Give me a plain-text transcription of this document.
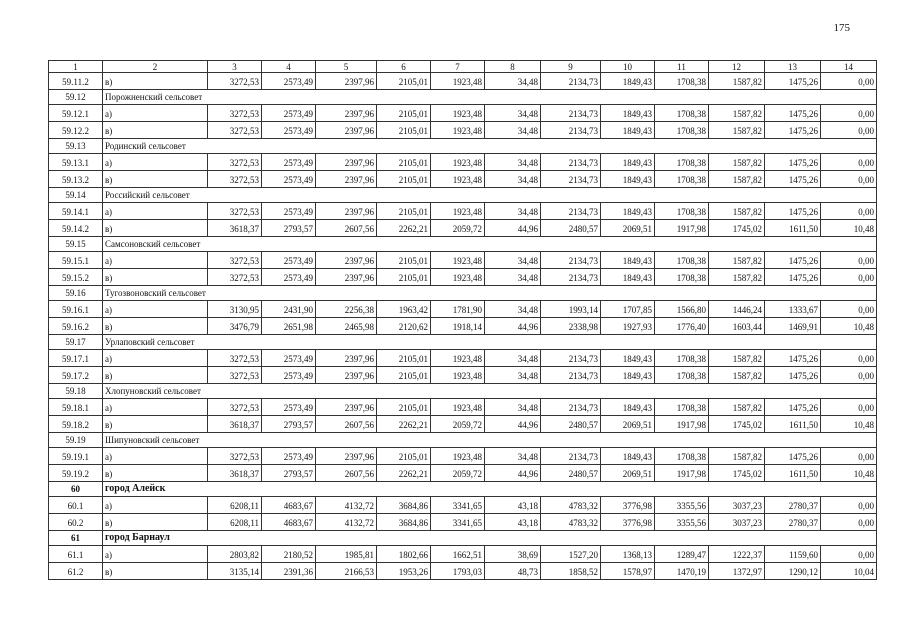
175
1	2	3	4	5	6	7	8	9	10	11	12	13	14
59.11.2	в)	3272,53	2573,49	2397,96	2105,01	1923,48	34,48	2134,73	1849,43	1708,38	1587,82	1475,26	0,00
59.12	Порожненский сельсовет												
59.12.1	а)	3272,53	2573,49	2397,96	2105,01	1923,48	34,48	2134,73	1849,43	1708,38	1587,82	1475,26	0,00
59.12.2	в)	3272,53	2573,49	2397,96	2105,01	1923,48	34,48	2134,73	1849,43	1708,38	1587,82	1475,26	0,00
59.13	Родинский сельсовет												
59.13.1	а)	3272,53	2573,49	2397,96	2105,01	1923,48	34,48	2134,73	1849,43	1708,38	1587,82	1475,26	0,00
59.13.2	в)	3272,53	2573,49	2397,96	2105,01	1923,48	34,48	2134,73	1849,43	1708,38	1587,82	1475,26	0,00
59.14	Российский сельсовет												
59.14.1	а)	3272,53	2573,49	2397,96	2105,01	1923,48	34,48	2134,73	1849,43	1708,38	1587,82	1475,26	0,00
59.14.2	в)	3618,37	2793,57	2607,56	2262,21	2059,72	44,96	2480,57	2069,51	1917,98	1745,02	1611,50	10,48
59.15	Самсоновский сельсовет												
59.15.1	а)	3272,53	2573,49	2397,96	2105,01	1923,48	34,48	2134,73	1849,43	1708,38	1587,82	1475,26	0,00
59.15.2	в)	3272,53	2573,49	2397,96	2105,01	1923,48	34,48	2134,73	1849,43	1708,38	1587,82	1475,26	0,00
59.16	Тугозвоновский сельсовет												
59.16.1	а)	3130,95	2431,90	2256,38	1963,42	1781,90	34,48	1993,14	1707,85	1566,80	1446,24	1333,67	0,00
59.16.2	в)	3476,79	2651,98	2465,98	2120,62	1918,14	44,96	2338,98	1927,93	1776,40	1603,44	1469,91	10,48
59.17	Урлаповский сельсовет												
59.17.1	а)	3272,53	2573,49	2397,96	2105,01	1923,48	34,48	2134,73	1849,43	1708,38	1587,82	1475,26	0,00
59.17.2	в)	3272,53	2573,49	2397,96	2105,01	1923,48	34,48	2134,73	1849,43	1708,38	1587,82	1475,26	0,00
59.18	Хлопуновский сельсовет												
59.18.1	а)	3272,53	2573,49	2397,96	2105,01	1923,48	34,48	2134,73	1849,43	1708,38	1587,82	1475,26	0,00
59.18.2	в)	3618,37	2793,57	2607,56	2262,21	2059,72	44,96	2480,57	2069,51	1917,98	1745,02	1611,50	10,48
59.19	Шипуновский сельсовет												
59.19.1	а)	3272,53	2573,49	2397,96	2105,01	1923,48	34,48	2134,73	1849,43	1708,38	1587,82	1475,26	0,00
59.19.2	в)	3618,37	2793,57	2607,56	2262,21	2059,72	44,96	2480,57	2069,51	1917,98	1745,02	1611,50	10,48
60	город Алейск												
60.1	а)	6208,11	4683,67	4132,72	3684,86	3341,65	43,18	4783,32	3776,98	3355,56	3037,23	2780,37	0,00
60.2	в)	6208,11	4683,67	4132,72	3684,86	3341,65	43,18	4783,32	3776,98	3355,56	3037,23	2780,37	0,00
61	город Барнаул												
61.1	а)	2803,82	2180,52	1985,81	1802,66	1662,51	38,69	1527,20	1368,13	1289,47	1222,37	1159,60	0,00
61.2	в)	3135,14	2391,36	2166,53	1953,26	1793,03	48,73	1858,52	1578,97	1470,19	1372,97	1290,12	10,04
